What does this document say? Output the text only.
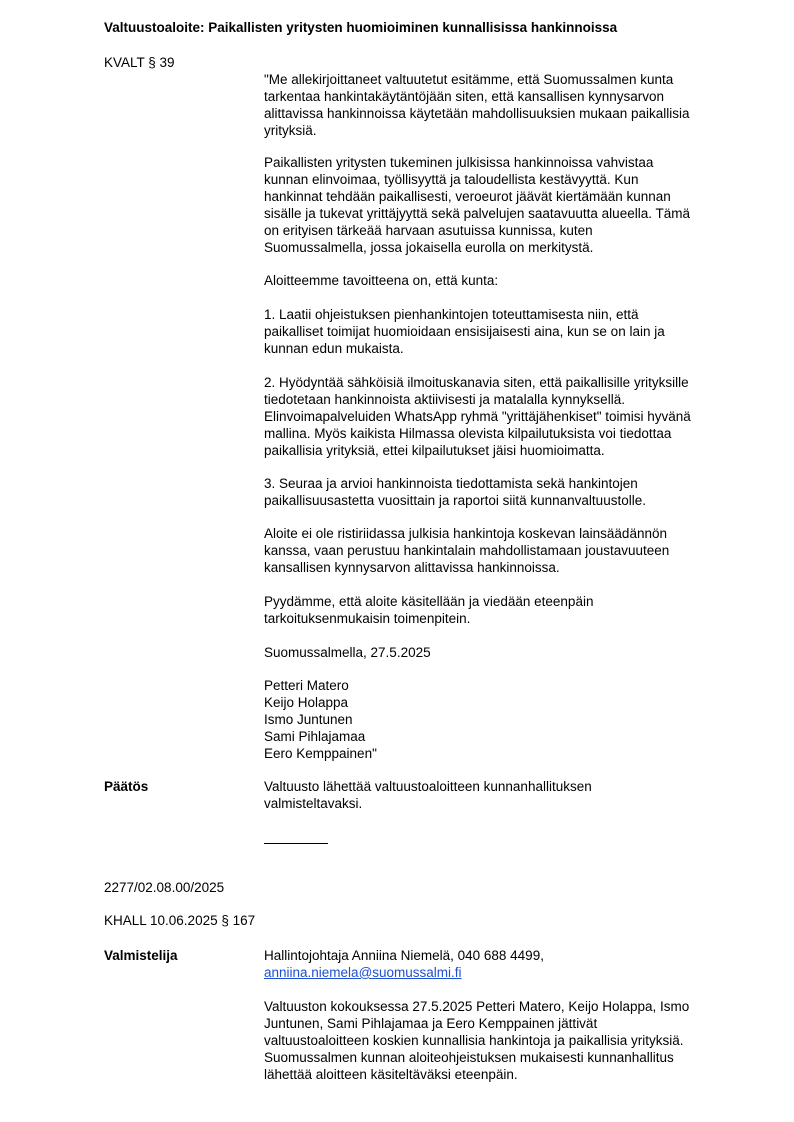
Valtuustoaloite: Paikallisten yritysten huomioiminen kunnallisissa hankinnoissa
KVALT § 39
"Me allekirjoittaneet valtuutetut esitämme, että Suomussalmen kunta
tarkentaa hankintakäytäntöjään siten, että kansallisen kynnysarvon
alittavissa hankinnoissa käytetään mahdollisuuksien mukaan paikallisia
yrityksiä.
Paikallisten yritysten tukeminen julkisissa hankinnoissa vahvistaa
kunnan elinvoimaa, työllisyyttä ja taloudellista kestävyyttä. Kun
hankinnat tehdään paikallisesti, veroeurot jäävät kiertämään kunnan
sisälle ja tukevat yrittäjyyttä sekä palvelujen saatavuutta alueella. Tämä
on erityisen tärkeää harvaan asutuissa kunnissa, kuten
Suomussalmella, jossa jokaisella eurolla on merkitystä.
Aloitteemme tavoitteena on, että kunta:
1. Laatii ohjeistuksen pienhankintojen toteuttamisesta niin, että
paikalliset toimijat huomioidaan ensisijaisesti aina, kun se on lain ja
kunnan edun mukaista.
2. Hyödyntää sähköisiä ilmoituskanavia siten, että paikallisille yrityksille
tiedotetaan hankinnoista aktiivisesti ja matalalla kynnyksellä.
Elinvoimapalveluiden WhatsApp ryhmä "yrittäjähenkiset" toimisi hyvänä
mallina. Myös kaikista Hilmassa olevista kilpailutuksista voi tiedottaa
paikallisia yrityksiä, ettei kilpailutukset jäisi huomioimatta.
3. Seuraa ja arvioi hankinnoista tiedottamista sekä hankintojen
paikallisuusastetta vuosittain ja raportoi siitä kunnanvaltuustolle.
Aloite ei ole ristiriidassa julkisia hankintoja koskevan lainsäädännön
kanssa, vaan perustuu hankintalain mahdollistamaan joustavuuteen
kansallisen kynnysarvon alittavissa hankinnoissa.
Pyydämme, että aloite käsitellään ja viedään eteenpäin
tarkoituksenmukaisin toimenpitein.
Suomussalmella, 27.5.2025
Petteri Matero
Keijo Holappa
Ismo Juntunen
Sami Pihlajamaa
Eero Kemppainen"
Päätös	Valtuusto lähettää valtuustoaloitteen kunnanhallituksen
valmisteltavaksi.
2277/02.08.00/2025
KHALL 10.06.2025 § 167
Valmistelija	Hallintojohtaja Anniina Niemelä, 040 688 4499,
anniina.niemela@suomussalmi.fi
Valtuuston kokouksessa 27.5.2025 Petteri Matero, Keijo Holappa, Ismo
Juntunen, Sami Pihlajamaa ja Eero Kemppainen jättivät
valtuustoaloitteen koskien kunnallisia hankintoja ja paikallisia yrityksiä.
Suomussalmen kunnan aloiteohjeistuksen mukaisesti kunnanhallitus
lähettää aloitteen käsiteltäväksi eteenpäin.
